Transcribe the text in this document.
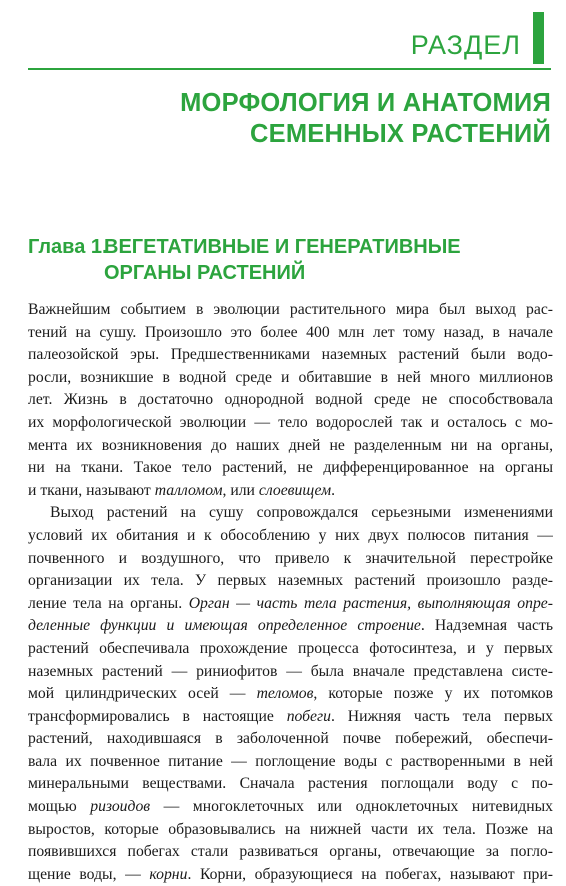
РАЗДЕЛ
МОРФОЛОГИЯ И АНАТОМИЯ
СЕМЕННЫХ РАСТЕНИЙ
Глава 1.ВЕГЕТАТИВНЫЕ И ГЕНЕРАТИВНЫЕ
ОРГАНЫ РАСТЕНИЙ
Важнейшим событием в эволюции растительного мира был выход рас-
тений на сушу. Произошло это более 400 млн лет тому назад, в начале
палеозойской эры. Предшественниками наземных растений были водо-
росли, возникшие в водной среде и обитавшие в ней много миллионов
лет. Жизнь в достаточно однородной водной среде не способствовала
их морфологической эволюции — тело водорослей так и осталось с мо-
мента их возникновения до наших дней не разделенным ни на органы,
ни на ткани. Такое тело растений, не дифференцированное на органы
и ткани, называют талломом, или слоевищем.
Выход растений на сушу сопровождался серьезными изменениями
условий их обитания и к обособлению у них двух полюсов питания —
почвенного и воздушного, что привело к значительной перестройке
организации их тела. У первых наземных растений произошло разде-
ление тела на органы. Орган — часть тела растения, выполняющая опре-
деленные функции и имеющая определенное строение. Надземная часть
растений обеспечивала прохождение процесса фотосинтеза, и у первых
наземных растений — риниофитов — была вначале представлена систе-
мой цилиндрических осей — теломов, которые позже у их потомков
трансформировались в настоящие побеги. Нижняя часть тела первых
растений, находившаяся в заболоченной почве побережий, обеспечи-
вала их почвенное питание — поглощение воды с растворенными в ней
минеральными веществами. Сначала растения поглощали воду с по-
мощью ризоидов — многоклеточных или одноклеточных нитевидных
выростов, которые образовывались на нижней части их тела. Позже на
появившихся побегах стали развиваться органы, отвечающие за погло-
щение воды, — корни. Корни, образующиеся на побегах, называют при-
